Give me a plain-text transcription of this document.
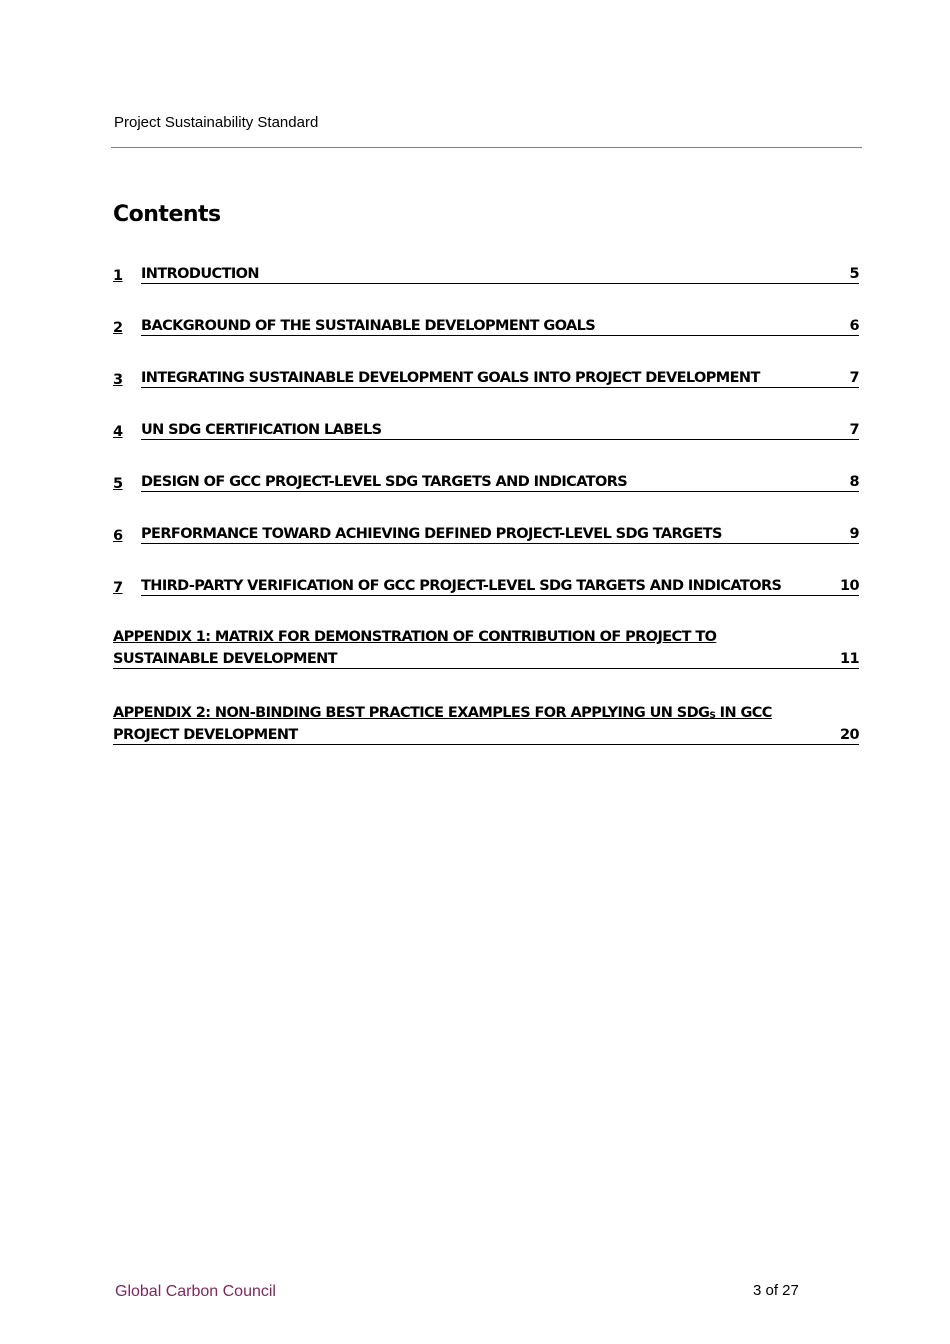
Project Sustainability Standard
Contents
1	INTRODUCTION	5
2	BACKGROUND OF THE SUSTAINABLE DEVELOPMENT GOALS	6
3	INTEGRATING SUSTAINABLE DEVELOPMENT GOALS INTO PROJECT DEVELOPMENT	7
4	UN SDG CERTIFICATION LABELS	7
5	DESIGN OF GCC PROJECT-LEVEL SDG TARGETS AND INDICATORS	8
6	PERFORMANCE TOWARD ACHIEVING DEFINED PROJECT-LEVEL SDG TARGETS	9
7	THIRD-PARTY VERIFICATION OF GCC PROJECT-LEVEL SDG TARGETS AND INDICATORS	10
APPENDIX 1: MATRIX FOR DEMONSTRATION OF CONTRIBUTION OF PROJECT TO
SUSTAINABLE DEVELOPMENT	11
APPENDIX 2: NON-BINDING BEST PRACTICE EXAMPLES FOR APPLYING UN SDGS IN GCC
PROJECT DEVELOPMENT	20
Global Carbon Council	3 of 27
